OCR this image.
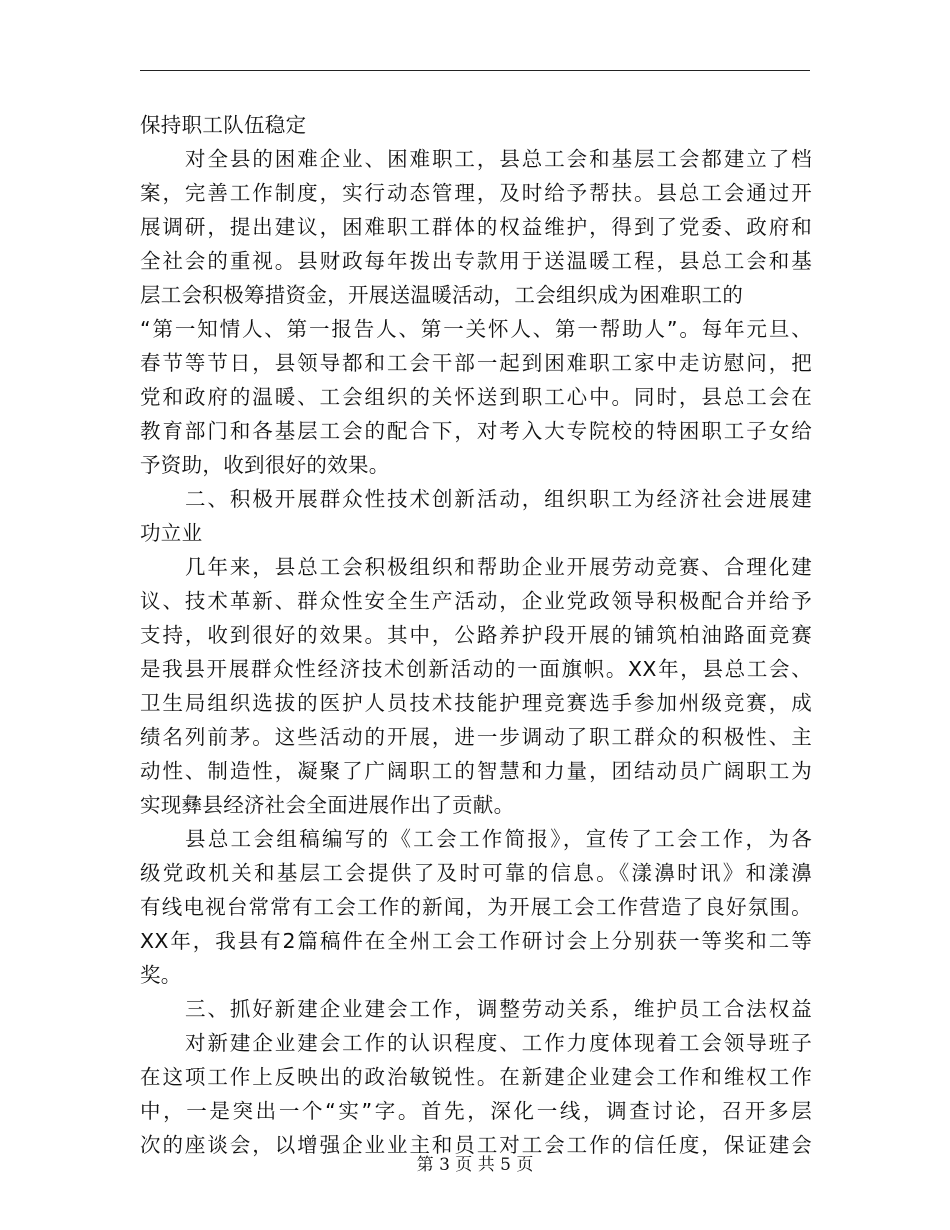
保持职工队伍稳定
对全县的困难企业、困难职工，县总工会和基层工会都建立了档
案，完善工作制度，实行动态管理，及时给予帮扶。县总工会通过开
展调研，提出建议，困难职工群体的权益维护，得到了党委、政府和
全社会的重视。县财政每年拨出专款用于送温暖工程，县总工会和基
层工会积极筹措资金，开展送温暖活动，工会组织成为困难职工的
“第一知情人、第一报告人、第一关怀人、第一帮助人”。每年元旦、
春节等节日，县领导都和工会干部一起到困难职工家中走访慰问，把
党和政府的温暖、工会组织的关怀送到职工心中。同时，县总工会在
教育部门和各基层工会的配合下，对考入大专院校的特困职工子女给
予资助，收到很好的效果。
二、积极开展群众性技术创新活动，组织职工为经济社会进展建
功立业
几年来，县总工会积极组织和帮助企业开展劳动竞赛、合理化建
议、技术革新、群众性安全生产活动，企业党政领导积极配合并给予
支持，收到很好的效果。其中，公路养护段开展的铺筑柏油路面竞赛
是我县开展群众性经济技术创新活动的一面旗帜。XX年，县总工会、
卫生局组织选拔的医护人员技术技能护理竞赛选手参加州级竞赛，成
绩名列前茅。这些活动的开展，进一步调动了职工群众的积极性、主
动性、制造性，凝聚了广阔职工的智慧和力量，团结动员广阔职工为
实现彝县经济社会全面进展作出了贡献。
县总工会组稿编写的《工会工作简报》，宣传了工会工作，为各
级党政机关和基层工会提供了及时可靠的信息。《漾濞时讯》和漾濞
有线电视台常常有工会工作的新闻，为开展工会工作营造了良好氛围。
XX年，我县有2篇稿件在全州工会工作研讨会上分别获一等奖和二等
奖。
三、抓好新建企业建会工作，调整劳动关系，维护员工合法权益
对新建企业建会工作的认识程度、工作力度体现着工会领导班子
在这项工作上反映出的政治敏锐性。在新建企业建会工作和维权工作
中，一是突出一个“实”字。首先，深化一线，调查讨论，召开多层
次的座谈会，以增强企业业主和员工对工会工作的信任度，保证建会
第 3 页 共 5 页
